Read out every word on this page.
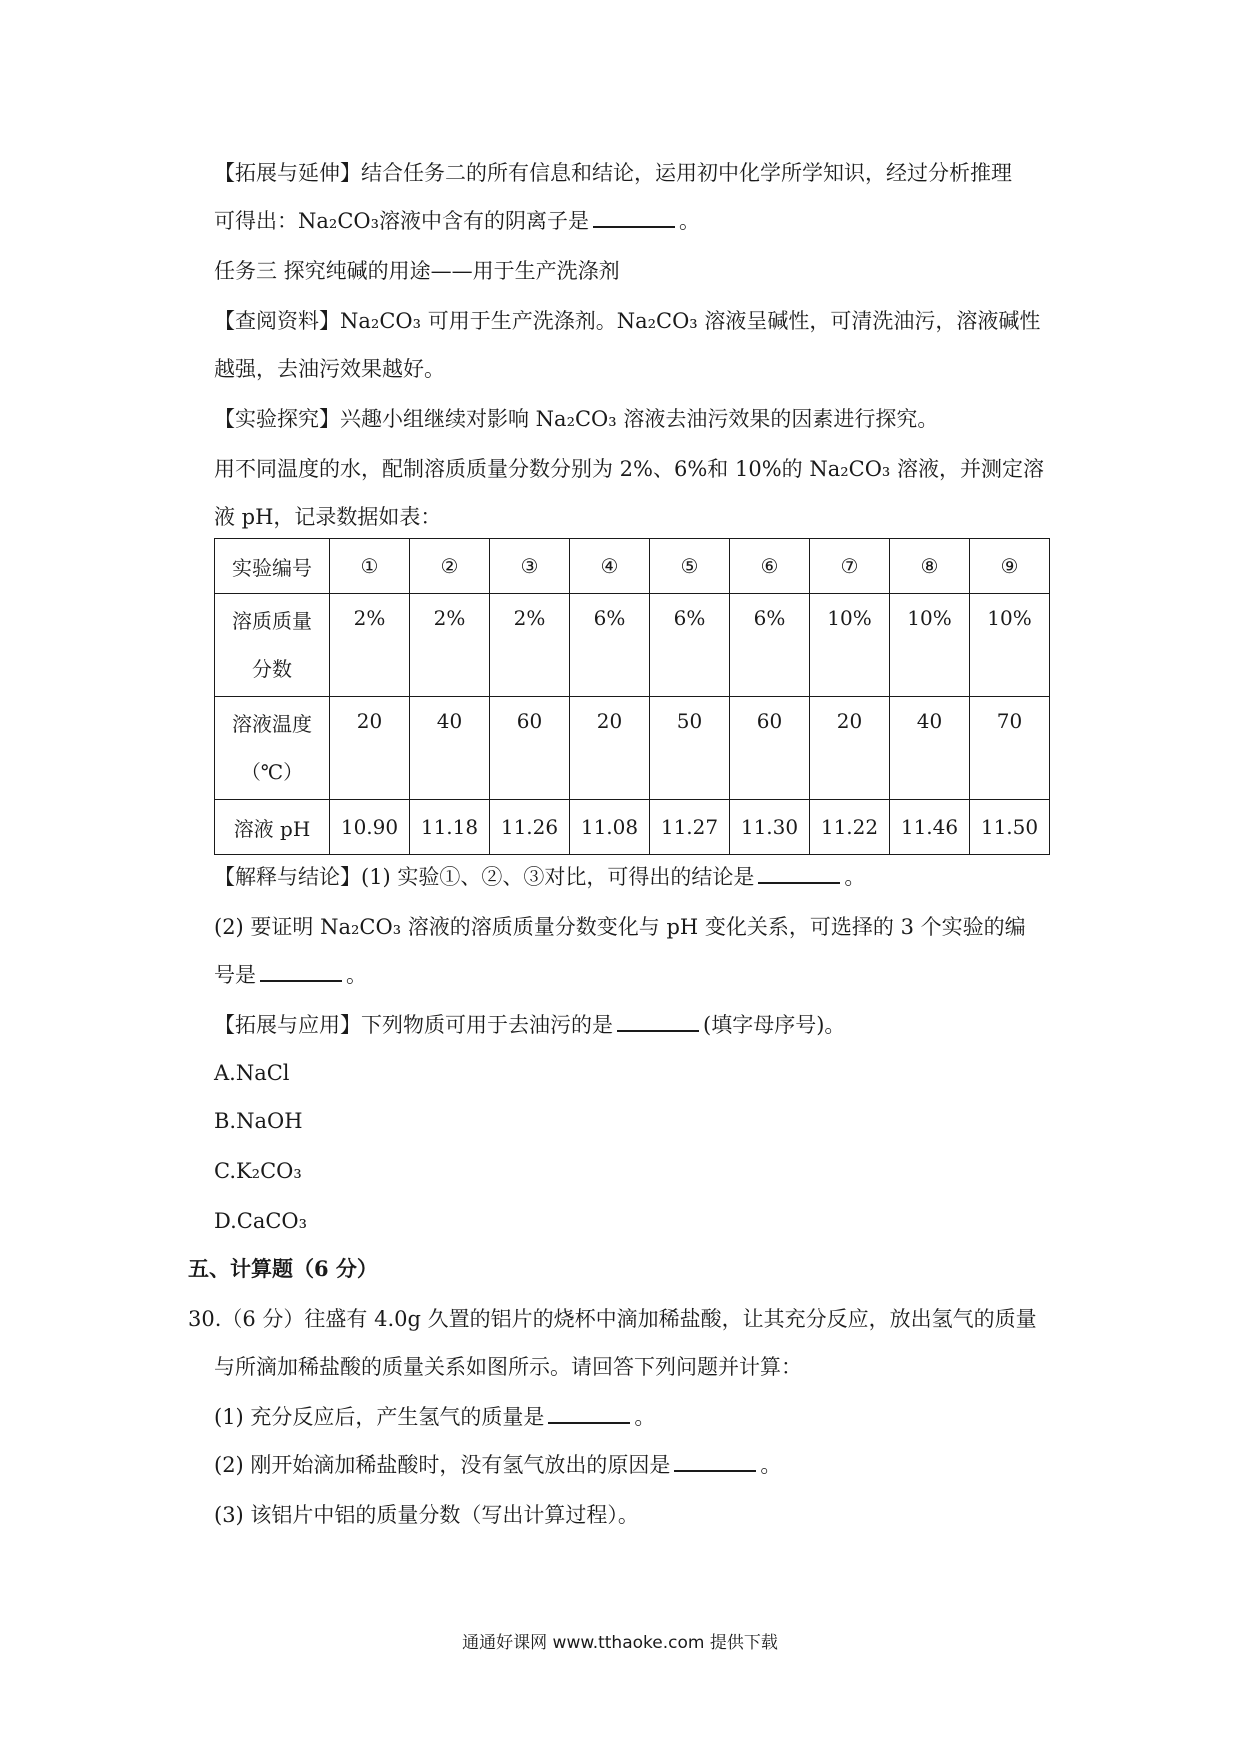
【拓展与延伸】结合任务二的所有信息和结论，运用初中化学所学知识，经过分析推理
可得出：Na₂CO₃溶液中含有的阴离子是	。
任务三 探究纯碱的用途——用于生产洗涤剂
【查阅资料】Na₂CO₃ 可用于生产洗涤剂。Na₂CO₃ 溶液呈碱性，可清洗油污，溶液碱性
越强，去油污效果越好。
【实验探究】兴趣小组继续对影响 Na₂CO₃ 溶液去油污效果的因素进行探究。
用不同温度的水，配制溶质质量分数分别为 2%、6%和 10%的 Na₂CO₃ 溶液，并测定溶
液 pH，记录数据如表：
实验编号	①	②	③	④	⑤	⑥	⑦	⑧	⑨

溶质质量
分数	2%	2%	2%	6%	6%	6%	10%	10%	10%

溶液温度
（℃）	20	40	60	20	50	60	20	40	70
溶液 pH	10.90	11.18	11.26	11.08	11.27	11.30	11.22	11.46	11.50
【解释与结论】(1) 实验①、②、③对比，可得出的结论是	。
(2) 要证明 Na₂CO₃ 溶液的溶质质量分数变化与 pH 变化关系，可选择的 3 个实验的编
号是	。
【拓展与应用】下列物质可用于去油污的是	(填字母序号)。
A.NaCl
B.NaOH
C.K₂CO₃
D.CaCO₃
五、计算题（6 分）
30.（6 分）往盛有 4.0g 久置的铝片的烧杯中滴加稀盐酸，让其充分反应，放出氢气的质量
与所滴加稀盐酸的质量关系如图所示。请回答下列问题并计算：
(1) 充分反应后，产生氢气的质量是	。
(2) 刚开始滴加稀盐酸时，没有氢气放出的原因是	。
(3) 该铝片中铝的质量分数（写出计算过程）。
通通好课网 www.tthaoke.com 提供下载
